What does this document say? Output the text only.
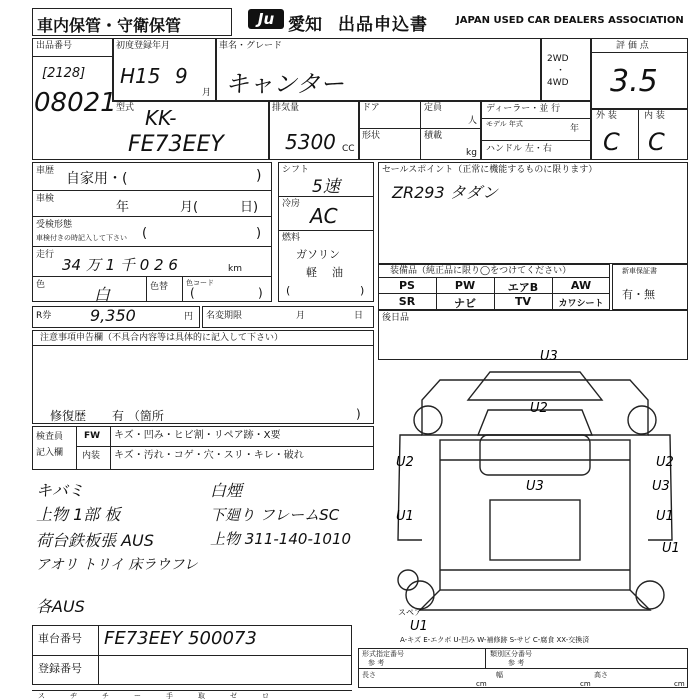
車内保管・守衛保管	Ju 愛知 出品申込書	JAPAN USED CAR DEALERS ASSOCIATION
出品番号
[2128]
08021
初度登録年月
H15 9
月
車名・グレード
キャンター
2WD
・
4WD
評 価 点
3.5
型式 KK-
FE73EEY
排気量
5300 CC
ドア	定員
人
形状	積載
kg
ディーラー・並 行
モデル 年式	年
ハンドル 左・右
外 装	内 装
C C
車歴 自家用・(	)
車検
年	月(	日)
受検形態
車検付きの時記入して下さい (	)
走行
34 万 1 千 0 2 6	km
色	白	色替	色コード
(	)
シフト
5速
冷房 AC
燃料
ガソリン
軽 油
(	)
セールスポイント（正常に機能するものに限ります）
ZR293 タダン
装備品（純正品に限り◯をつけてください）
PS	PW	エアB	AW
SR	ナビ	TV	カワシート
新車保証書
有・無
R券 9,350	円 名変期限	月	日 後日品
注意事項申告欄（不具合内容等は具体的に記入して下さい）
修復歴 有 （箇所	)
検査員
記入欄
FW キズ・凹み・ヒビ割・リペア跡・X要
内装 キズ・汚れ・コゲ・穴・スリ・キレ・破れ
キバミ
上物 1部 板
荷台鉄板張 AUS
アオリ トリイ 床ラウフレ
各AUS
白煙
下廻り フレームSC
上物 311-140-1010
U3
U2
U2	U2
U3	U3
U1	U1
U1
U1
スペア
A-キズ E-エクボ U-凹み W-補修跡 S-サビ C-腐食 XX-交換済
車台番号 FE73EEY 500073
登録番号
形式指定番号	類別区分番号
参 考	参 考
長さ	幅	高さ
cm	cm	cm
ス	ヂ	チ	ー	手	取	ゼ	ロ
